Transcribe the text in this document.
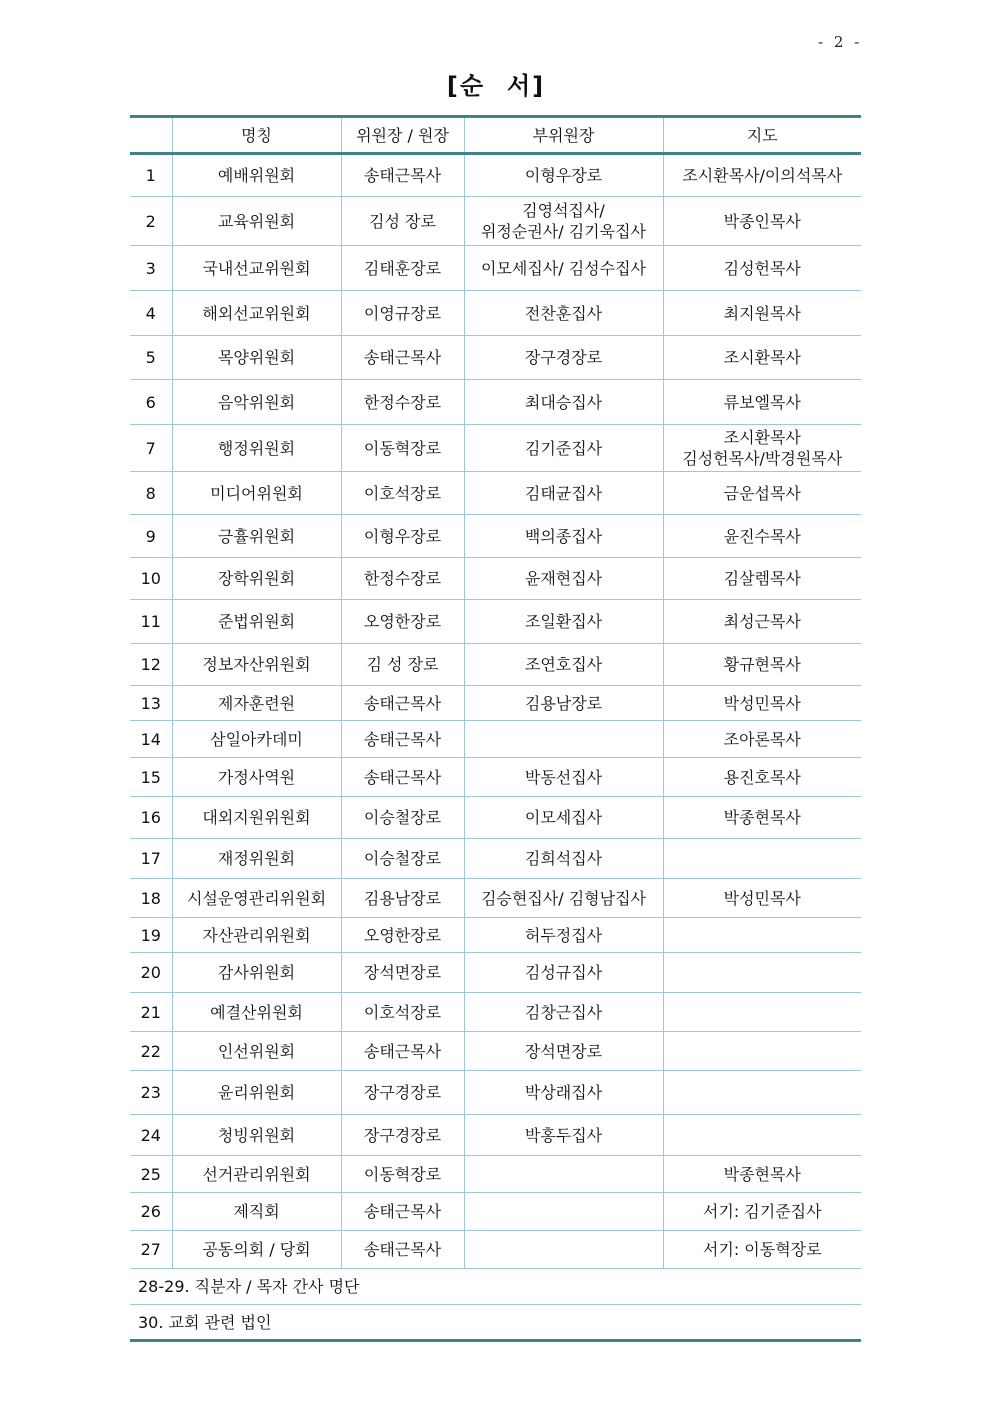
- 2 -
[순 서]
	명칭	위원장 / 원장	부위원장	지도
1	예배위원회	송태근목사	이형우장로	조시환목사/이의석목사

2	교육위원회	김성 장로	김영석집사/
위정순권사/ 김기욱집사	박종인목사

3	국내선교위원회	김태훈장로	이모세집사/ 김성수집사	김성헌목사

4	해외선교위원회	이영규장로	전찬훈집사	최지원목사

5	목양위원회	송태근목사	장구경장로	조시환목사

6	음악위원회	한정수장로	최대승집사	류보엘목사

7	행정위원회	이동혁장로	김기준집사	조시환목사
김성헌목사/박경원목사

8	미디어위원회	이호석장로	김태균집사	금운섭목사

9	긍휼위원회	이형우장로	백의종집사	윤진수목사

10	장학위원회	한정수장로	윤재현집사	김살렘목사

11	준법위원회	오영한장로	조일환집사	최성근목사

12	정보자산위원회	김 성 장로	조연호집사	황규현목사

13	제자훈련원	송태근목사	김용남장로	박성민목사

14	삼일아카데미	송태근목사		조아론목사

15	가정사역원	송태근목사	박동선집사	용진호목사

16	대외지원위원회	이승철장로	이모세집사	박종현목사

17	재정위원회	이승철장로	김희석집사	

18	시설운영관리위원회	김용남장로	김승현집사/ 김형남집사	박성민목사

19	자산관리위원회	오영한장로	허두정집사	

20	감사위원회	장석면장로	김성규집사	

21	예결산위원회	이호석장로	김창근집사	

22	인선위원회	송태근목사	장석면장로	

23	윤리위원회	장구경장로	박상래집사	

24	청빙위원회	장구경장로	박홍두집사	

25	선거관리위원회	이동혁장로		박종현목사

26	제직회	송태근목사		서기: 김기준집사

27	공동의회 / 당회	송태근목사		서기: 이동혁장로

28-29. 직분자 / 목자 간사 명단				
30. 교회 관련 법인				
